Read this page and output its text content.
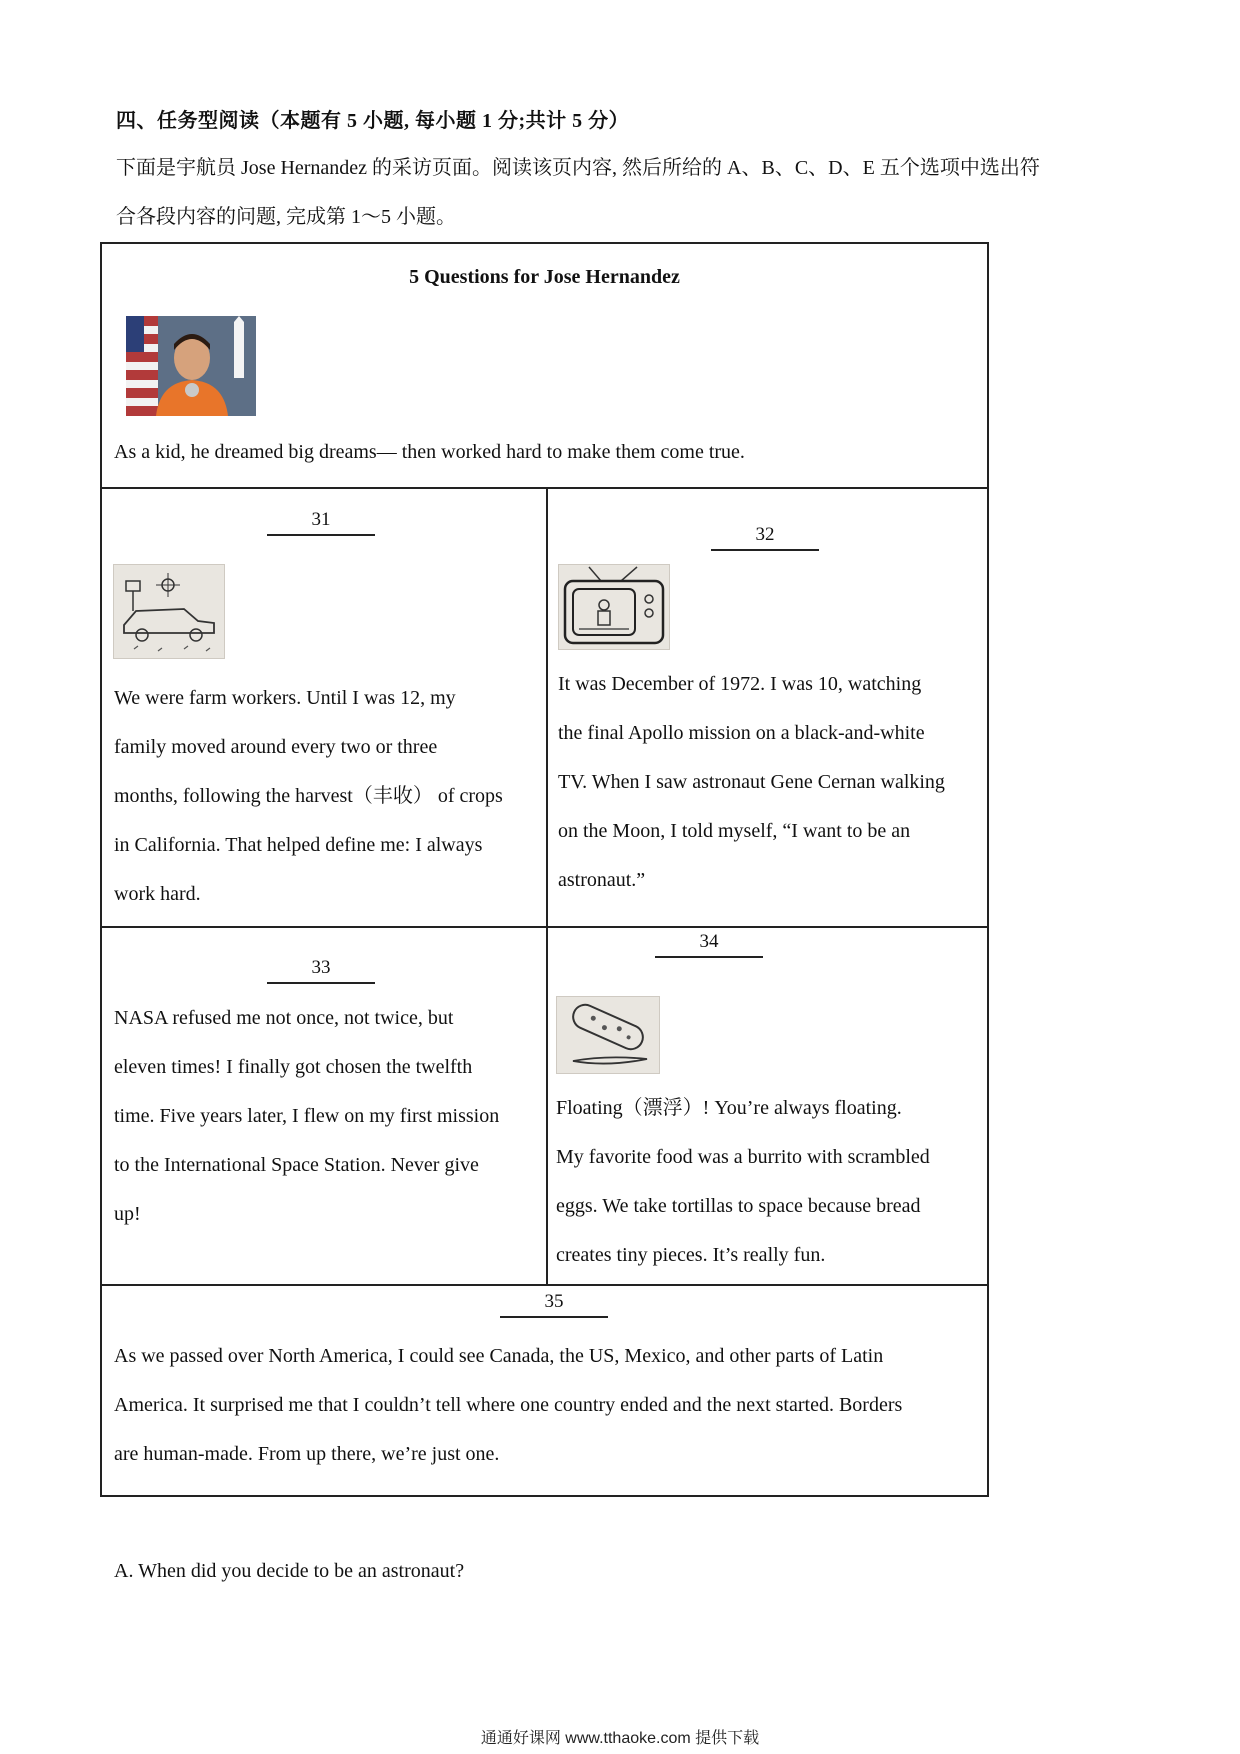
四、任务型阅读（本题有 5 小题, 每小题 1 分;共计 5 分）
下面是宇航员 Jose Hernandez 的采访页面。阅读该页内容, 然后所给的 A、B、C、D、E 五个选项中选出符
合各段内容的问题, 完成第 1～5 小题。
5 Questions for Jose Hernandez
As a kid, he dreamed big dreams— then worked hard to make them come true.
31
We were farm workers. Until I was 12, my
family moved around every two or three
months, following the harvest（丰收） of crops
in California. That helped define me: I always
work hard.
32
It was December of 1972. I was 10, watching
the final Apollo mission on a black-and-white
TV. When I saw astronaut Gene Cernan walking
on the Moon, I told myself, “I want to be an
astronaut.”
33
NASA refused me not once, not twice, but
eleven times! I finally got chosen the twelfth
time. Five years later, I flew on my first mission
to the International Space Station. Never give
up!
34
Floating（漂浮）! You’re always floating.
My favorite food was a burrito with scrambled
eggs. We take tortillas to space because bread
creates tiny pieces. It’s really fun.
35
As we passed over North America, I could see Canada, the US, Mexico, and other parts of Latin
America. It surprised me that I couldn’t tell where one country ended and the next started. Borders
are human-made. From up there, we’re just one.
A. When did you decide to be an astronaut?
通通好课网 www.tthaoke.com 提供下载
